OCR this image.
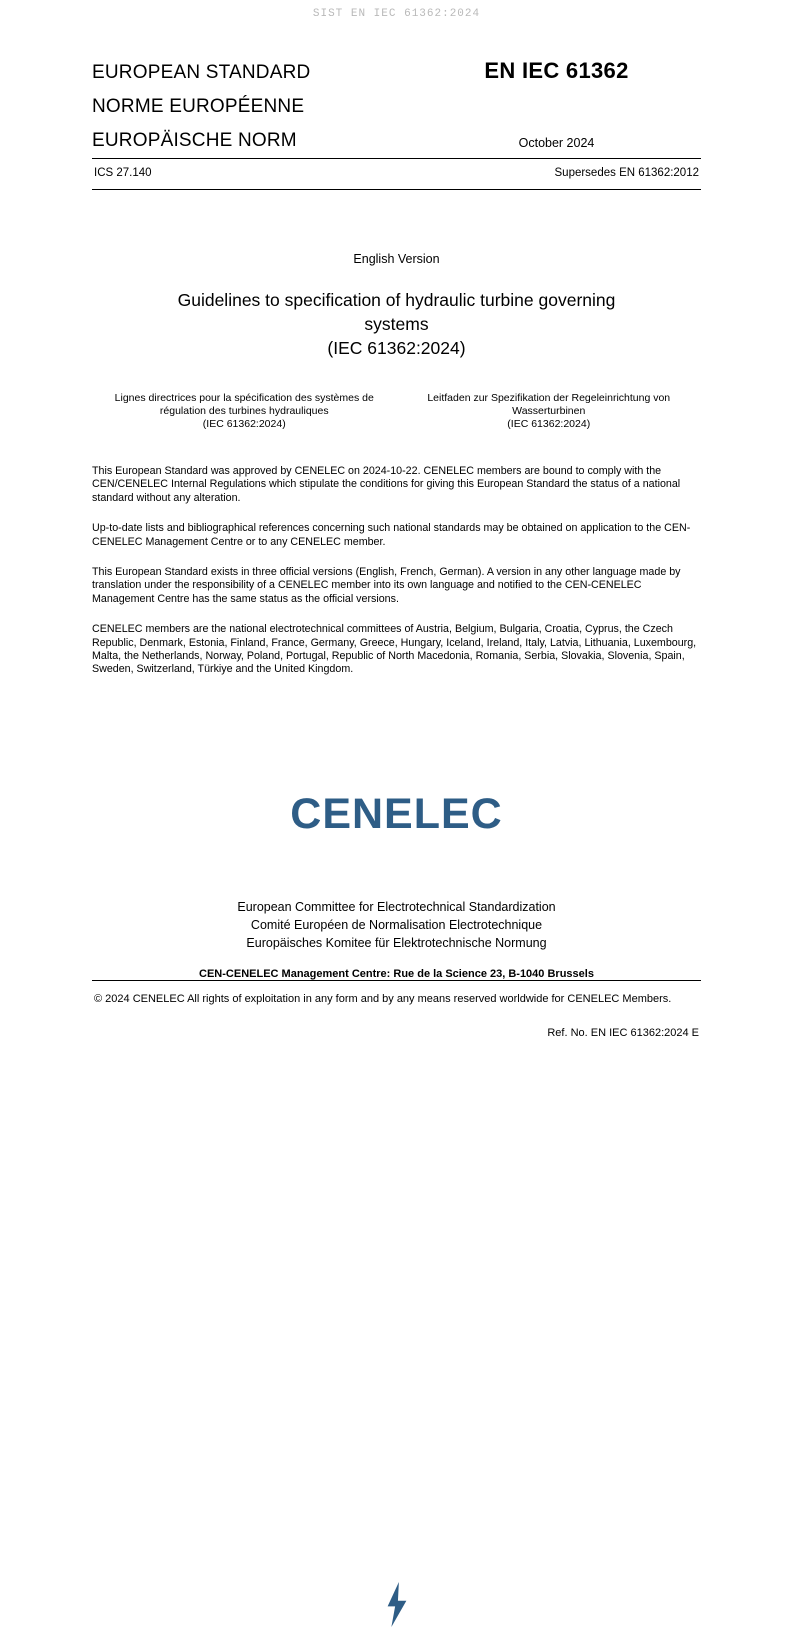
SIST EN IEC 61362:2024
EUROPEAN STANDARD
NORME EUROPÉENNE
EUROPÄISCHE NORM
EN IEC 61362
October 2024
ICS 27.140	Supersedes EN 61362:2012
English Version
Guidelines to specification of hydraulic turbine governing
systems
(IEC 61362:2024)
Lignes directrices pour la spécification des systèmes de
régulation des turbines hydrauliques
(IEC 61362:2024)
Leitfaden zur Spezifikation der Regeleinrichtung von
Wasserturbinen
(IEC 61362:2024)

This European Standard was approved by CENELEC on 2024-10-22. CENELEC members are bound to comply with the CEN/CENELEC Internal Regulations which stipulate the conditions for giving this European Standard the status of a national standard without any alteration.

Up-to-date lists and bibliographical references concerning such national standards may be obtained on application to the CEN-CENELEC Management Centre or to any CENELEC member.

This European Standard exists in three official versions (English, French, German). A version in any other language made by translation under the responsibility of a CENELEC member into its own language and notified to the CEN-CENELEC Management Centre has the same status as the official versions.

CENELEC members are the national electrotechnical committees of Austria, Belgium, Bulgaria, Croatia, Cyprus, the Czech Republic, Denmark, Estonia, Finland, France, Germany, Greece, Hungary, Iceland, Ireland, Italy, Latvia, Lithuania, Luxembourg, Malta, the Netherlands, Norway, Poland, Portugal, Republic of North Macedonia, Romania, Serbia, Slovakia, Slovenia, Spain, Sweden, Switzerland, Türkiye and the United Kingdom.

CENELEC
European Committee for Electrotechnical Standardization
Comité Européen de Normalisation Electrotechnique
Europäisches Komitee für Elektrotechnische Normung
CEN-CENELEC Management Centre: Rue de la Science 23, B-1040 Brussels
© 2024 CENELEC All rights of exploitation in any form and by any means reserved worldwide for CENELEC Members.
Ref. No. EN IEC 61362:2024 E
